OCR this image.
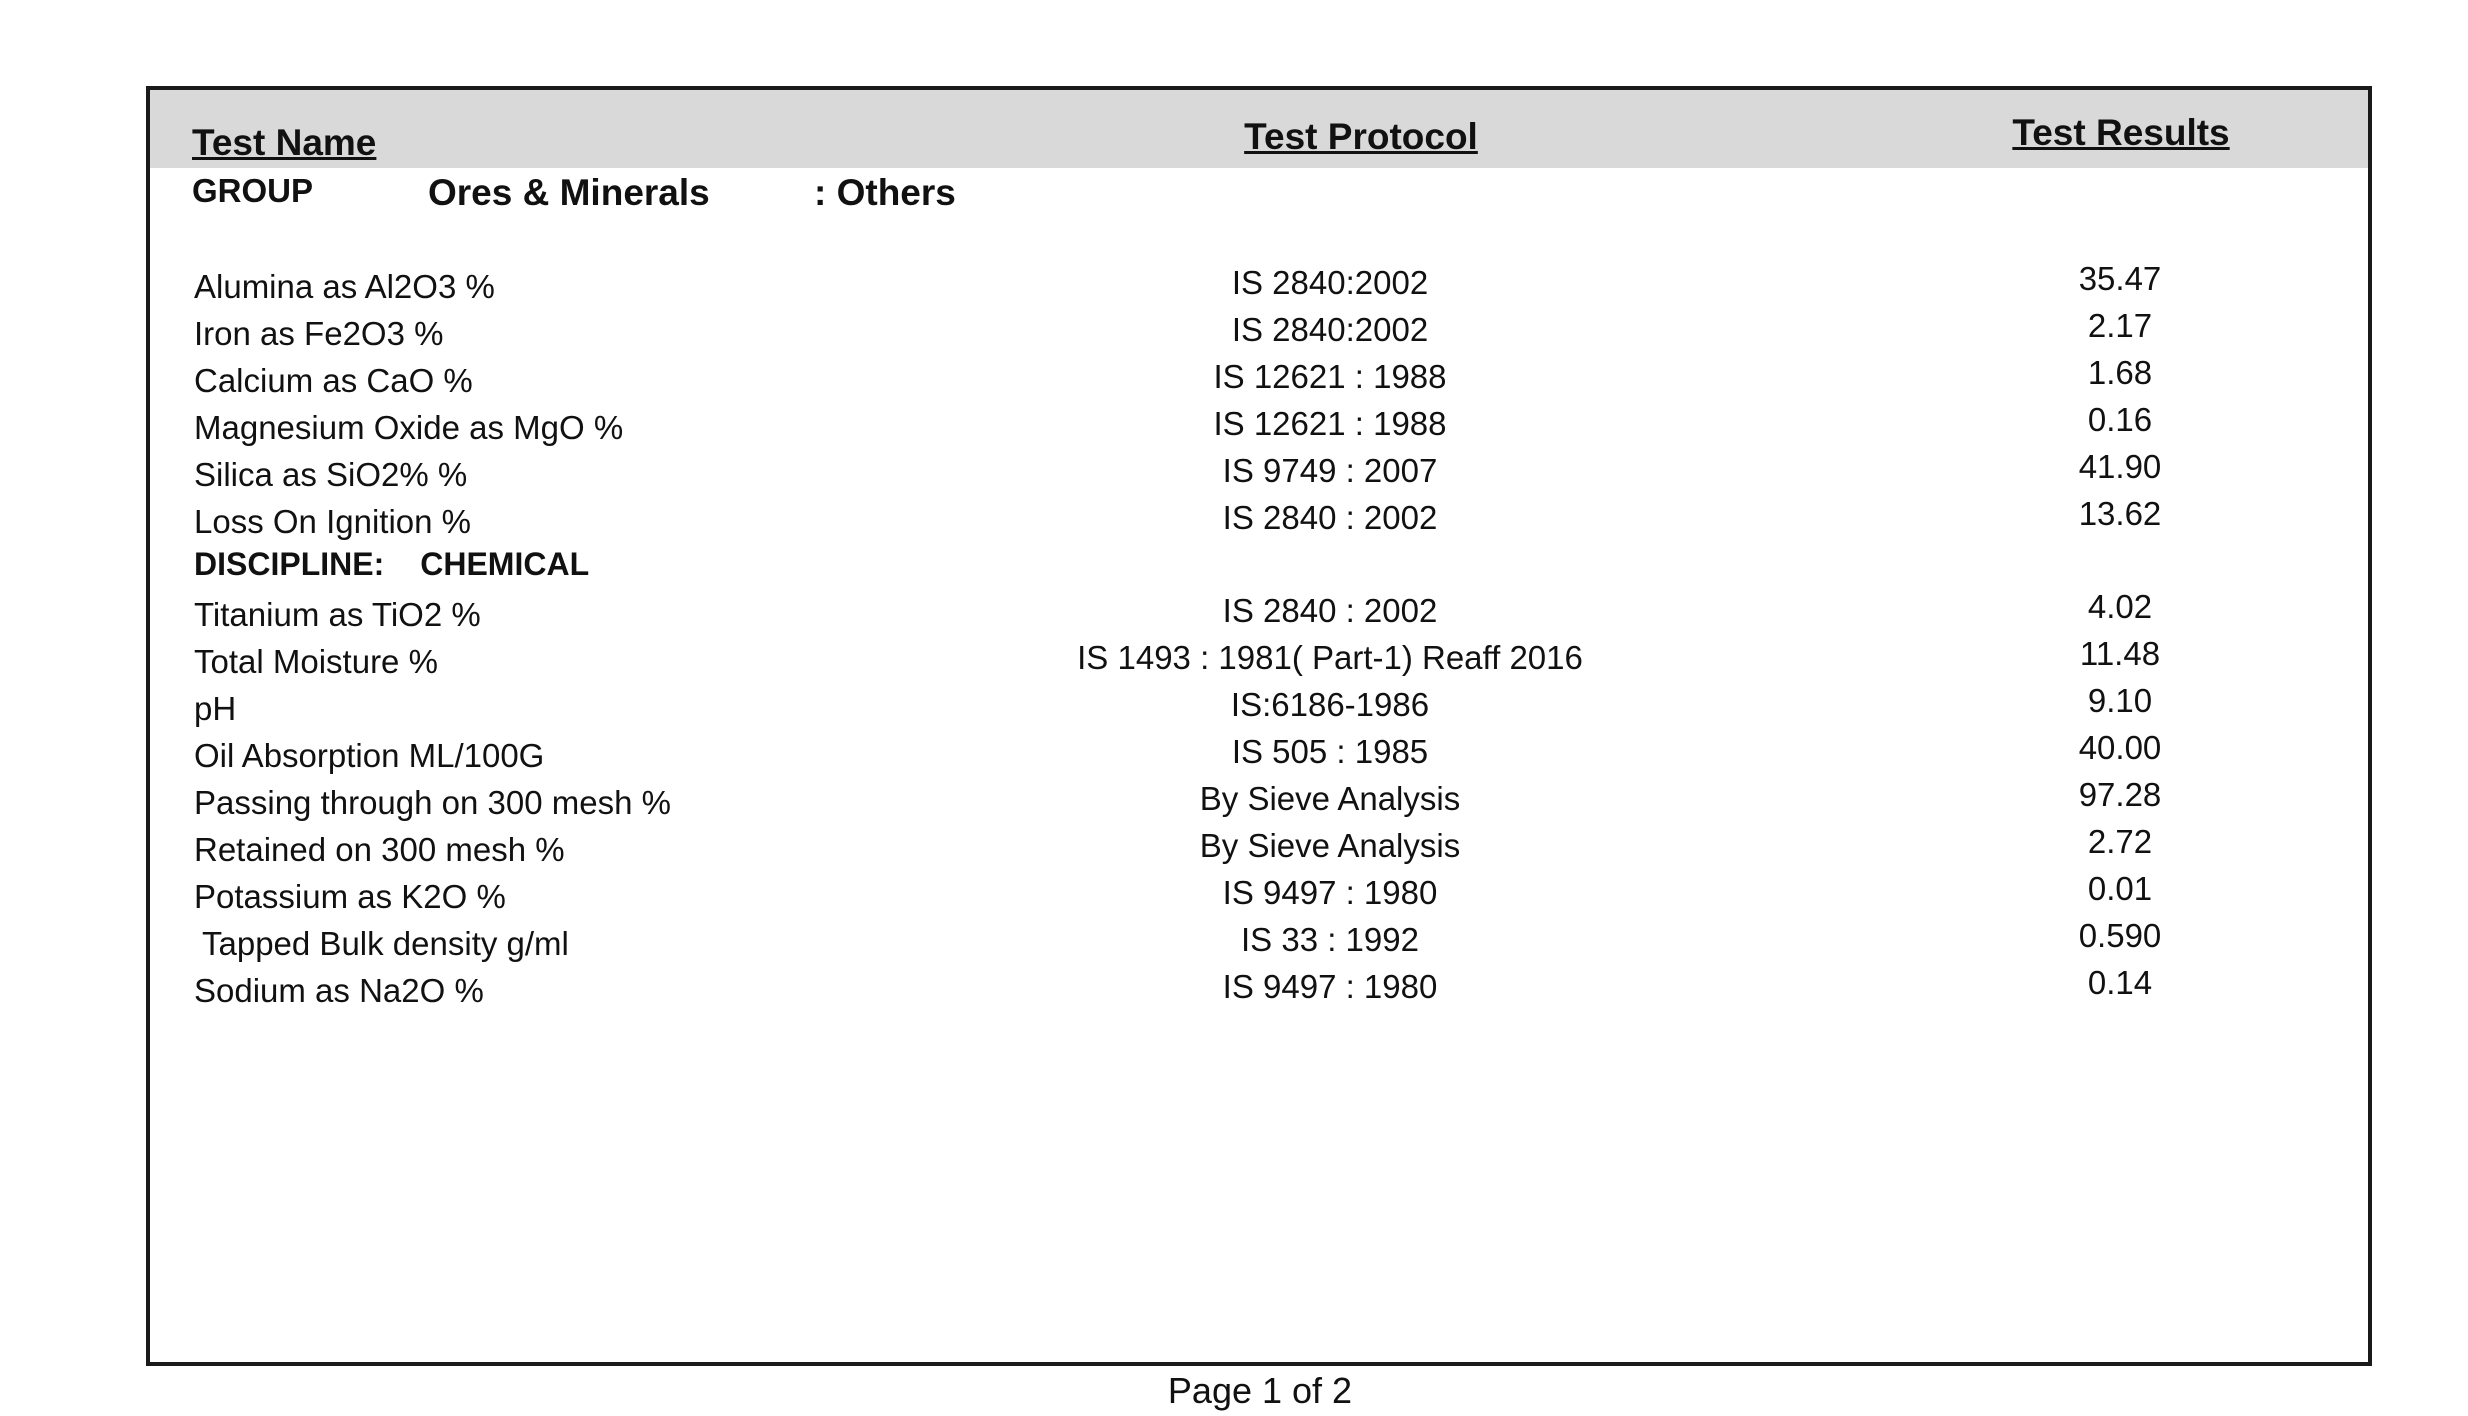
Test Name	Test Protocol	Test Results
GROUP	Ores & Minerals	: Others
Alumina as Al2O3 %	IS 2840:2002	35.47
Iron as Fe2O3 %	IS 2840:2002	2.17
Calcium as CaO %	IS 12621 : 1988	1.68
Magnesium Oxide as MgO %	IS 12621 : 1988	0.16
Silica as SiO2% %	IS 9749 : 2007	41.90
Loss On Ignition %	IS 2840 : 2002	13.62
DISCIPLINE: CHEMICAL
Titanium as TiO2 %	IS 2840 : 2002	4.02
Total Moisture %	IS 1493 : 1981( Part-1) Reaff 2016	11.48
pH	IS:6186-1986	9.10
Oil Absorption ML/100G	IS 505 : 1985	40.00
Passing through on 300 mesh %	By Sieve Analysis	97.28
Retained on 300 mesh %	By Sieve Analysis	2.72
Potassium as K2O %	IS 9497 : 1980	0.01
Tapped Bulk density g/ml	IS 33 : 1992	0.590
Sodium as Na2O %	IS 9497 : 1980	0.14
Page 1 of 2
